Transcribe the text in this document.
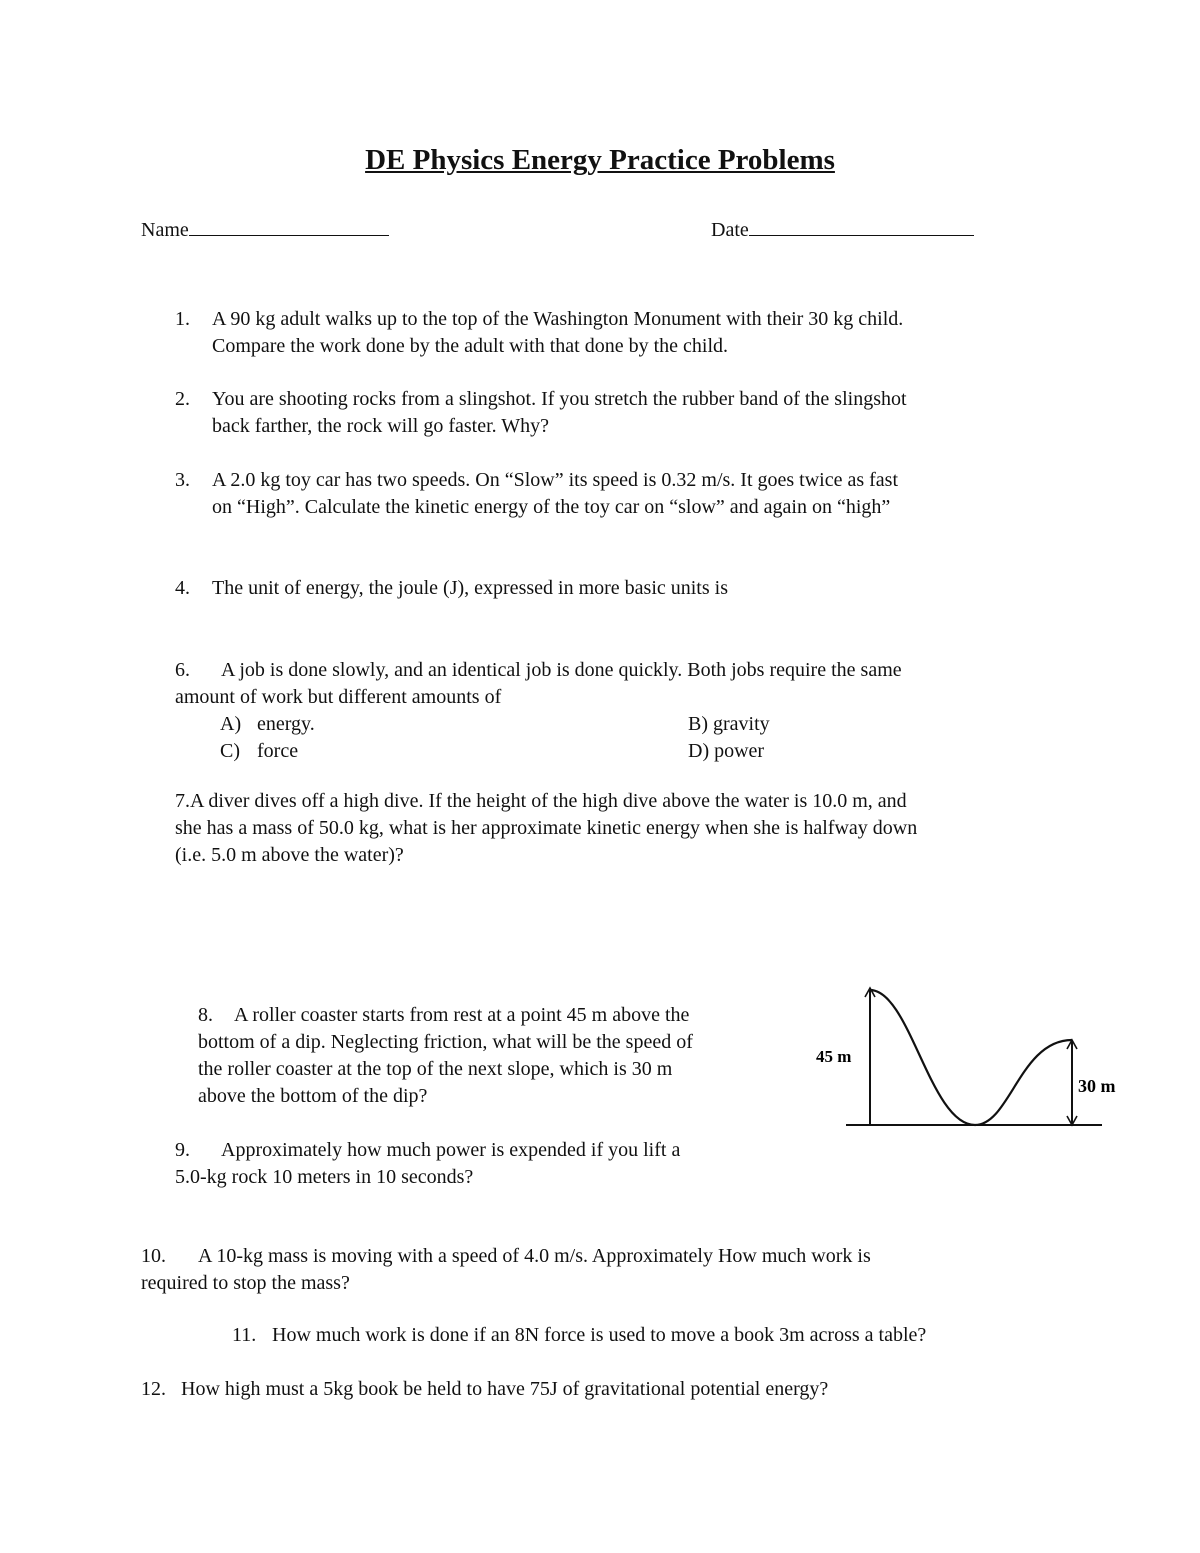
DE Physics Energy Practice Problems
Name	Date
1. A 90 kg adult walks up to the top of the Washington Monument with their 30 kg child.
Compare the work done by the adult with that done by the child.
2. You are shooting rocks from a slingshot. If you stretch the rubber band of the slingshot
back farther, the rock will go faster. Why?
3. A 2.0 kg toy car has two speeds. On “Slow” its speed is 0.32 m/s. It goes twice as fast
on “High”. Calculate the kinetic energy of the toy car on “slow” and again on “high”
4. The unit of energy, the joule (J), expressed in more basic units is
6. A job is done slowly, and an identical job is done quickly. Both jobs require the same
amount of work but different amounts of
A) energy.	B) gravity
C) force	D) power
7.A diver dives off a high dive. If the height of the high dive above the water is 10.0 m, and
she has a mass of 50.0 kg, what is her approximate kinetic energy when she is halfway down
(i.e. 5.0 m above the water)?
8. A roller coaster starts from rest at a point 45 m above the
bottom of a dip. Neglecting friction, what will be the speed of
the roller coaster at the top of the next slope, which is 30 m
above the bottom of the dip?
45 m
30 m
9. Approximately how much power is expended if you lift a
5.0-kg rock 10 meters in 10 seconds?
10. A 10-kg mass is moving with a speed of 4.0 m/s. Approximately How much work is
required to stop the mass?
11. How much work is done if an 8N force is used to move a book 3m across a table?
12. How high must a 5kg book be held to have 75J of gravitational potential energy?
